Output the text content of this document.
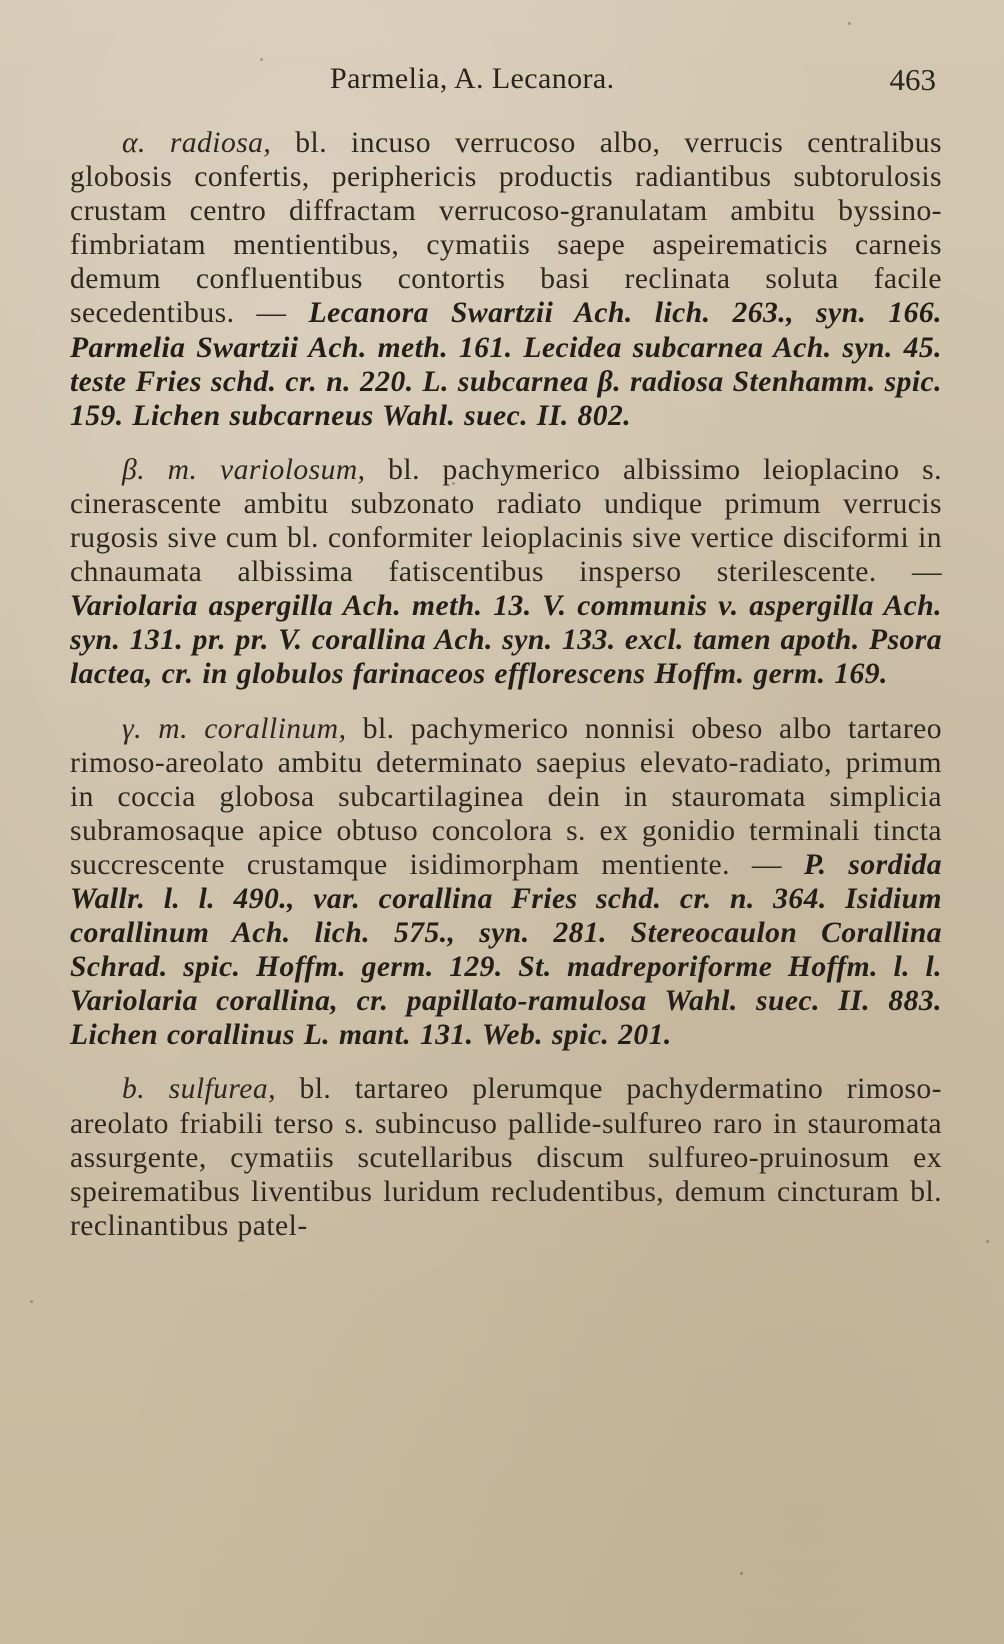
Parmelia, A. Lecanora.	463

α. radiosa, bl. incuso verrucoso albo, verrucis centralibus globosis confertis, periphericis productis radiantibus subtorulosis crustam centro diffractam verrucoso-granulatam ambitu byssino-fimbriatam mentientibus, cymatiis saepe aspeirematicis carneis demum confluentibus contortis basi reclinata soluta facile secedentibus. — Lecanora Swartzii Ach. lich. 263., syn. 166. Parmelia Swartzii Ach. meth. 161. Lecidea subcarnea Ach. syn. 45. teste Fries schd. cr. n. 220. L. subcarnea β. radiosa Stenhamm. spic. 159. Lichen subcarneus Wahl. suec. II. 802.

β. m. variolosum, bl. pachymerico albissimo leioplacino s. cinerascente ambitu subzonato radiato undique primum verrucis rugosis sive cum bl. conformiter leioplacinis sive vertice disciformi in chnaumata albissima fatiscentibus insperso sterilescente. — Variolaria aspergilla Ach. meth. 13. V. communis v. aspergilla Ach. syn. 131. pr. pr. V. corallina Ach. syn. 133. excl. tamen apoth. Psora lactea, cr. in globulos farinaceos efflorescens Hoffm. germ. 169.

γ. m. corallinum, bl. pachymerico nonnisi obeso albo tartareo rimoso-areolato ambitu determinato saepius elevato-radiato, primum in coccia globosa subcartilaginea dein in stauromata simplicia subramosaque apice obtuso concolora s. ex gonidio terminali tincta succrescente crustamque isidimorpham mentiente. — P. sordida Wallr. l. l. 490., var. corallina Fries schd. cr. n. 364. Isidium corallinum Ach. lich. 575., syn. 281. Stereocaulon Corallina Schrad. spic. Hoffm. germ. 129. St. madreporiforme Hoffm. l. l. Variolaria corallina, cr. papillato-ramulosa Wahl. suec. II. 883. Lichen corallinus L. mant. 131. Web. spic. 201.

b. sulfurea, bl. tartareo plerumque pachydermatino rimoso-areolato friabili terso s. subincuso pallide-sulfureo raro in stauromata assurgente, cymatiis scutellaribus discum sulfureo-pruinosum ex speirematibus liventibus luridum recludentibus, demum cincturam bl. reclinantibus patel-
